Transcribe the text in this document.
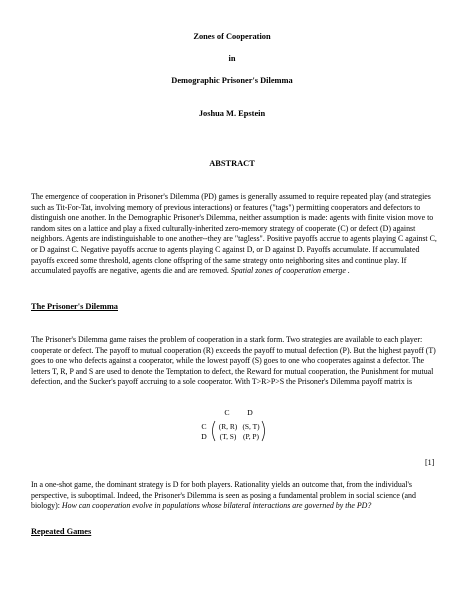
Zones of Cooperation
in
Demographic Prisoner's Dilemma
Joshua M. Epstein
ABSTRACT

The emergence of cooperation in Prisoner's Dilemma (PD) games is generally assumed to require repeated play (and strategies such as Tit-For-Tat, involving memory of previous interactions) or features ("tags") permitting cooperators and defectors to distinguish one another. In the Demographic Prisoner's Dilemma, neither assumption is made: agents with finite vision move to random sites on a lattice and play a fixed culturally-inherited zero-memory strategy of cooperate (C) or defect (D) against neighbors. Agents are indistinguishable to one another--they are "tagless". Positive payoffs accrue to agents playing C against C, or D against C. Negative payoffs accrue to agents playing C against D, or D against D. Payoffs accumulate. If accumulated payoffs exceed some threshold, agents clone offspring of the same strategy onto neighboring sites and continue play. If accumulated payoffs are negative, agents die and are removed. Spatial zones of cooperation emerge .

The Prisoner's Dilemma

The Prisoner's Dilemma game raises the problem of cooperation in a stark form. Two strategies are available to each player: cooperate or defect. The payoff to mutual cooperation (R) exceeds the payoff to mutual defection (P). But the highest payoff (T) goes to one who defects against a cooperator, while the lowest payoff (S) goes to one who cooperates against a defector. The letters T, R, P and S are used to denote the Temptation to defect, the Reward for mutual cooperation, the Punishment for mutual defection, and the Sucker's payoff accruing to a sole cooperator. With T>R>P>S the Prisoner's Dilemma payoff matrix is

C D
C
D
(R, R) (S, T)
(T, S) (P, P)
[1]

In a one-shot game, the dominant strategy is D for both players. Rationality yields an outcome that, from the individual's perspective, is suboptimal. Indeed, the Prisoner's Dilemma is seen as posing a fundamental problem in social science (and biology): How can cooperation evolve in populations whose bilateral interactions are governed by the PD?

Repeated Games
